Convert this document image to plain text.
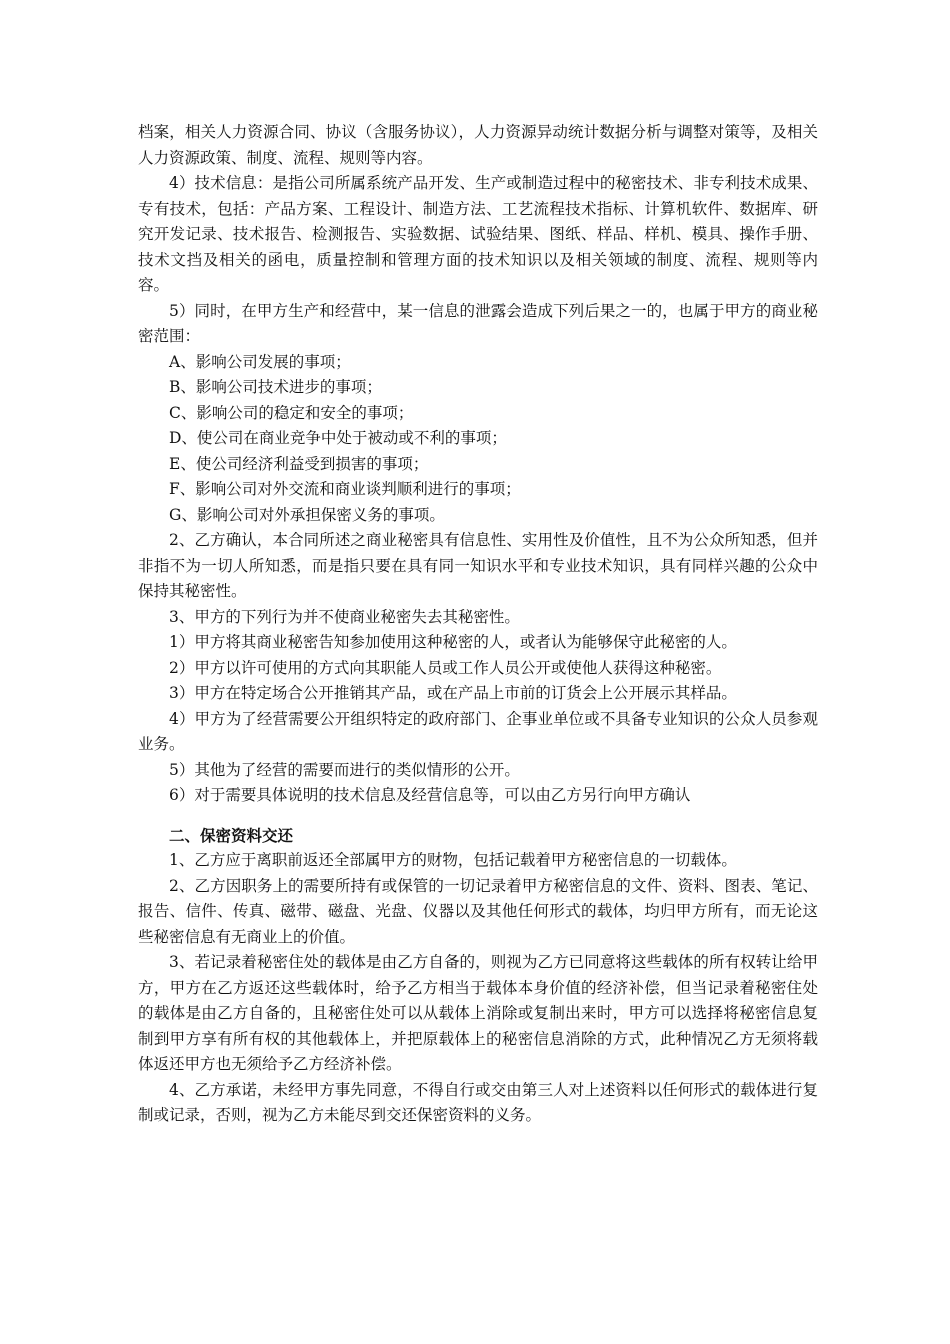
档案，相关人力资源合同、协议（含服务协议），人力资源异动统计数据分析与调整对策等，及相关人力资源政策、制度、流程、规则等内容。

4）技术信息：是指公司所属系统产品开发、生产或制造过程中的秘密技术、非专利技术成果、专有技术，包括：产品方案、工程设计、制造方法、工艺流程技术指标、计算机软件、数据库、研究开发记录、技术报告、检测报告、实验数据、试验结果、图纸、样品、样机、模具、操作手册、技术文挡及相关的函电，质量控制和管理方面的技术知识以及相关领域的制度、流程、规则等内容。

5）同时，在甲方生产和经营中，某一信息的泄露会造成下列后果之一的，也属于甲方的商业秘密范围：

A、影响公司发展的事项；

B、影响公司技术进步的事项；

C、影响公司的稳定和安全的事项；

D、使公司在商业竞争中处于被动或不利的事项；

E、使公司经济利益受到损害的事项；

F、影响公司对外交流和商业谈判顺利进行的事项；

G、影响公司对外承担保密义务的事项。

2、乙方确认，本合同所述之商业秘密具有信息性、实用性及价值性，且不为公众所知悉，但并非指不为一切人所知悉，而是指只要在具有同一知识水平和专业技术知识，具有同样兴趣的公众中保持其秘密性。

3、甲方的下列行为并不使商业秘密失去其秘密性。

1）甲方将其商业秘密告知参加使用这种秘密的人，或者认为能够保守此秘密的人。

2）甲方以许可使用的方式向其职能人员或工作人员公开或使他人获得这种秘密。

3）甲方在特定场合公开推销其产品，或在产品上市前的订货会上公开展示其样品。

4）甲方为了经营需要公开组织特定的政府部门、企事业单位或不具备专业知识的公众人员参观业务。

5）其他为了经营的需要而进行的类似情形的公开。

6）对于需要具体说明的技术信息及经营信息等，可以由乙方另行向甲方确认

二、保密资料交还

1、乙方应于离职前返还全部属甲方的财物，包括记载着甲方秘密信息的一切载体。

2、乙方因职务上的需要所持有或保管的一切记录着甲方秘密信息的文件、资料、图表、笔记、报告、信件、传真、磁带、磁盘、光盘、仪器以及其他任何形式的载体，均归甲方所有，而无论这些秘密信息有无商业上的价值。

3、若记录着秘密住处的载体是由乙方自备的，则视为乙方已同意将这些载体的所有权转让给甲方，甲方在乙方返还这些载体时，给予乙方相当于载体本身价值的经济补偿，但当记录着秘密住处的载体是由乙方自备的，且秘密住处可以从载体上消除或复制出来时，甲方可以选择将秘密信息复制到甲方享有所有权的其他载体上，并把原载体上的秘密信息消除的方式，此种情况乙方无须将载体返还甲方也无须给予乙方经济补偿。

4、乙方承诺，未经甲方事先同意，不得自行或交由第三人对上述资料以任何形式的载体进行复制或记录，否则，视为乙方未能尽到交还保密资料的义务。
